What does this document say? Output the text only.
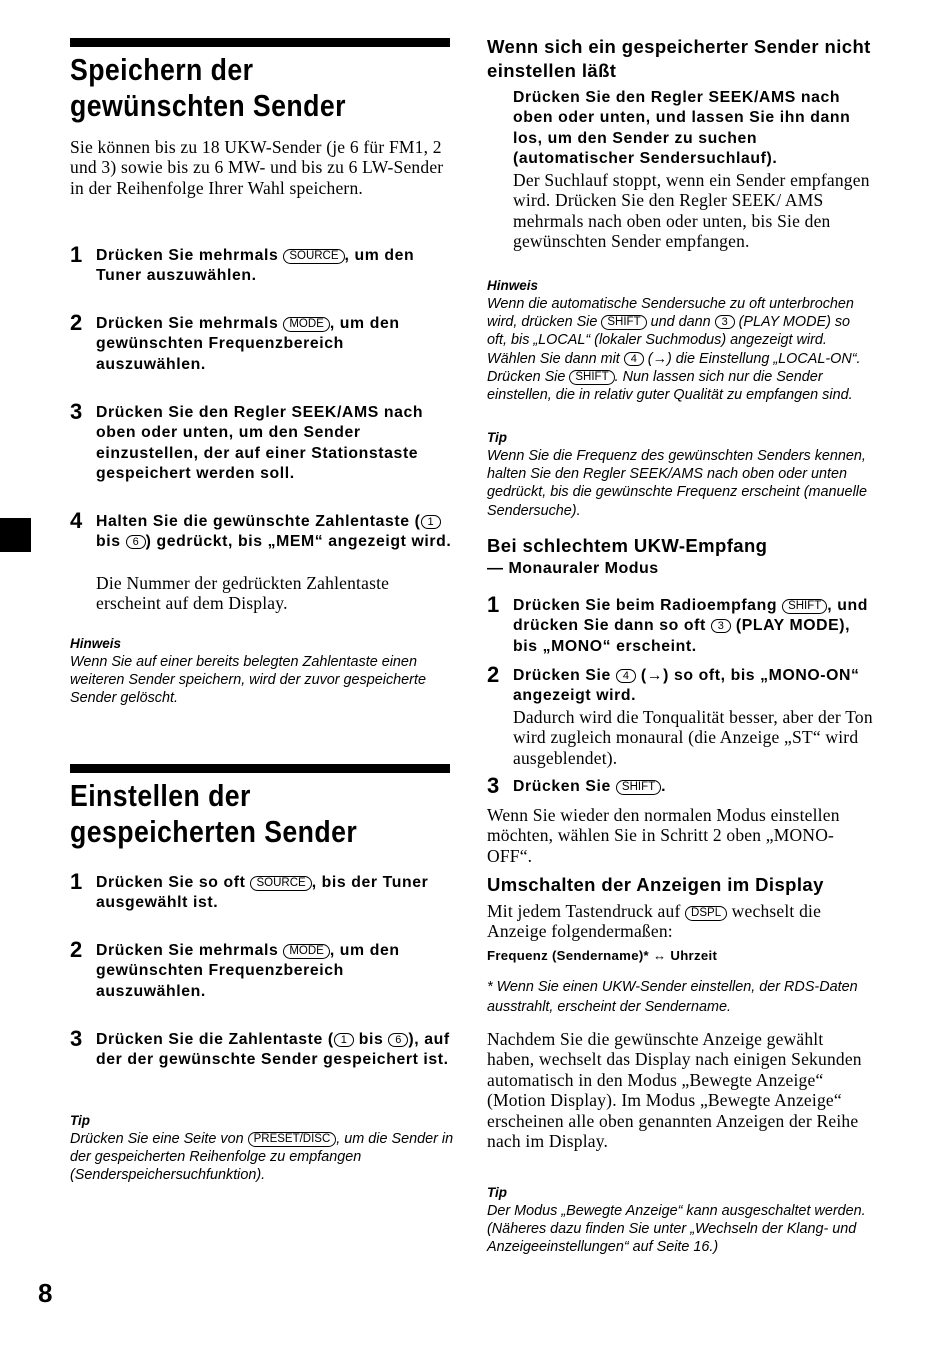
Speichern der
gewünschten Sender
Sie können bis zu 18 UKW-Sender (je 6 für FM1, 2 und 3) sowie bis zu 6 MW- und bis zu 6 LW-Sender in der Reihenfolge Ihrer Wahl speichern.
1 Drücken Sie mehrmals SOURCE , um den Tuner auszuwählen.
2 Drücken Sie mehrmals MODE , um den gewünschten Frequenzbereich auszuwählen.
3 Drücken Sie den Regler SEEK/AMS nach oben oder unten, um den Sender einzustellen, der auf einer Stationstaste gespeichert werden soll.
4 Halten Sie die gewünschte Zahlentaste ( 1 bis 6 ) gedrückt, bis „MEM“ angezeigt wird.
Die Nummer der gedrückten Zahlentaste erscheint auf dem Display.
Hinweis
Wenn Sie auf einer bereits belegten Zahlentaste einen weiteren Sender speichern, wird der zuvor gespeicherte Sender gelöscht.
Einstellen der
gespeicherten Sender
1 Drücken Sie so oft SOURCE , bis der Tuner ausgewählt ist.
2 Drücken Sie mehrmals MODE , um den gewünschten Frequenzbereich auszuwählen.
3 Drücken Sie die Zahlentaste ( 1 bis 6 ), auf der der gewünschte Sender gespeichert ist.
Tip
Drücken Sie eine Seite von PRESET/DISC , um die Sender in der gespeicherten Reihenfolge zu empfangen (Senderspeichersuchfunktion).
Wenn sich ein gespeicherter Sender nicht einstellen läßt
Drücken Sie den Regler SEEK/AMS nach oben oder unten, und lassen Sie ihn dann los, um den Sender zu suchen (automatischer Sendersuchlauf).
Der Suchlauf stoppt, wenn ein Sender empfangen wird. Drücken Sie den Regler SEEK/ AMS mehrmals nach oben oder unten, bis Sie den gewünschten Sender empfangen.
Hinweis
Wenn die automatische Sendersuche zu oft unterbrochen wird, drücken Sie SHIFT und dann 3 (PLAY MODE) so oft, bis „LOCAL“ (lokaler Suchmodus) angezeigt wird. Wählen Sie dann mit 4 (→) die Einstellung „LOCAL-ON“. Drücken Sie SHIFT . Nun lassen sich nur die Sender einstellen, die in relativ guter Qualität zu empfangen sind.
Tip
Wenn Sie die Frequenz des gewünschten Senders kennen, halten Sie den Regler SEEK/AMS nach oben oder unten gedrückt, bis die gewünschte Frequenz erscheint (manuelle Sendersuche).
Bei schlechtem UKW-Empfang
— Monauraler Modus
1 Drücken Sie beim Radioempfang SHIFT , und drücken Sie dann so oft 3 (PLAY MODE), bis „MONO“ erscheint.
2 Drücken Sie 4 (→) so oft, bis „MONO-ON“ angezeigt wird.
Dadurch wird die Tonqualität besser, aber der Ton wird zugleich monaural (die Anzeige „ST“ wird ausgeblendet).
3 Drücken Sie SHIFT .
Wenn Sie wieder den normalen Modus einstellen möchten, wählen Sie in Schritt 2 oben „MONO-OFF“.
Umschalten der Anzeigen im Display
Mit jedem Tastendruck auf DSPL wechselt die Anzeige folgendermaßen:
Frequenz (Sendername)* ↔ Uhrzeit
* Wenn Sie einen UKW-Sender einstellen, der RDS-Daten ausstrahlt, erscheint der Sendername.
Nachdem Sie die gewünschte Anzeige gewählt haben, wechselt das Display nach einigen Sekunden automatisch in den Modus „Bewegte Anzeige“ (Motion Display). Im Modus „Bewegte Anzeige“ erscheinen alle oben genannten Anzeigen der Reihe nach im Display.
Tip
Der Modus „Bewegte Anzeige“ kann ausgeschaltet werden. (Näheres dazu finden Sie unter „Wechseln der Klang- und Anzeigeeinstellungen“ auf Seite 16.)
8
